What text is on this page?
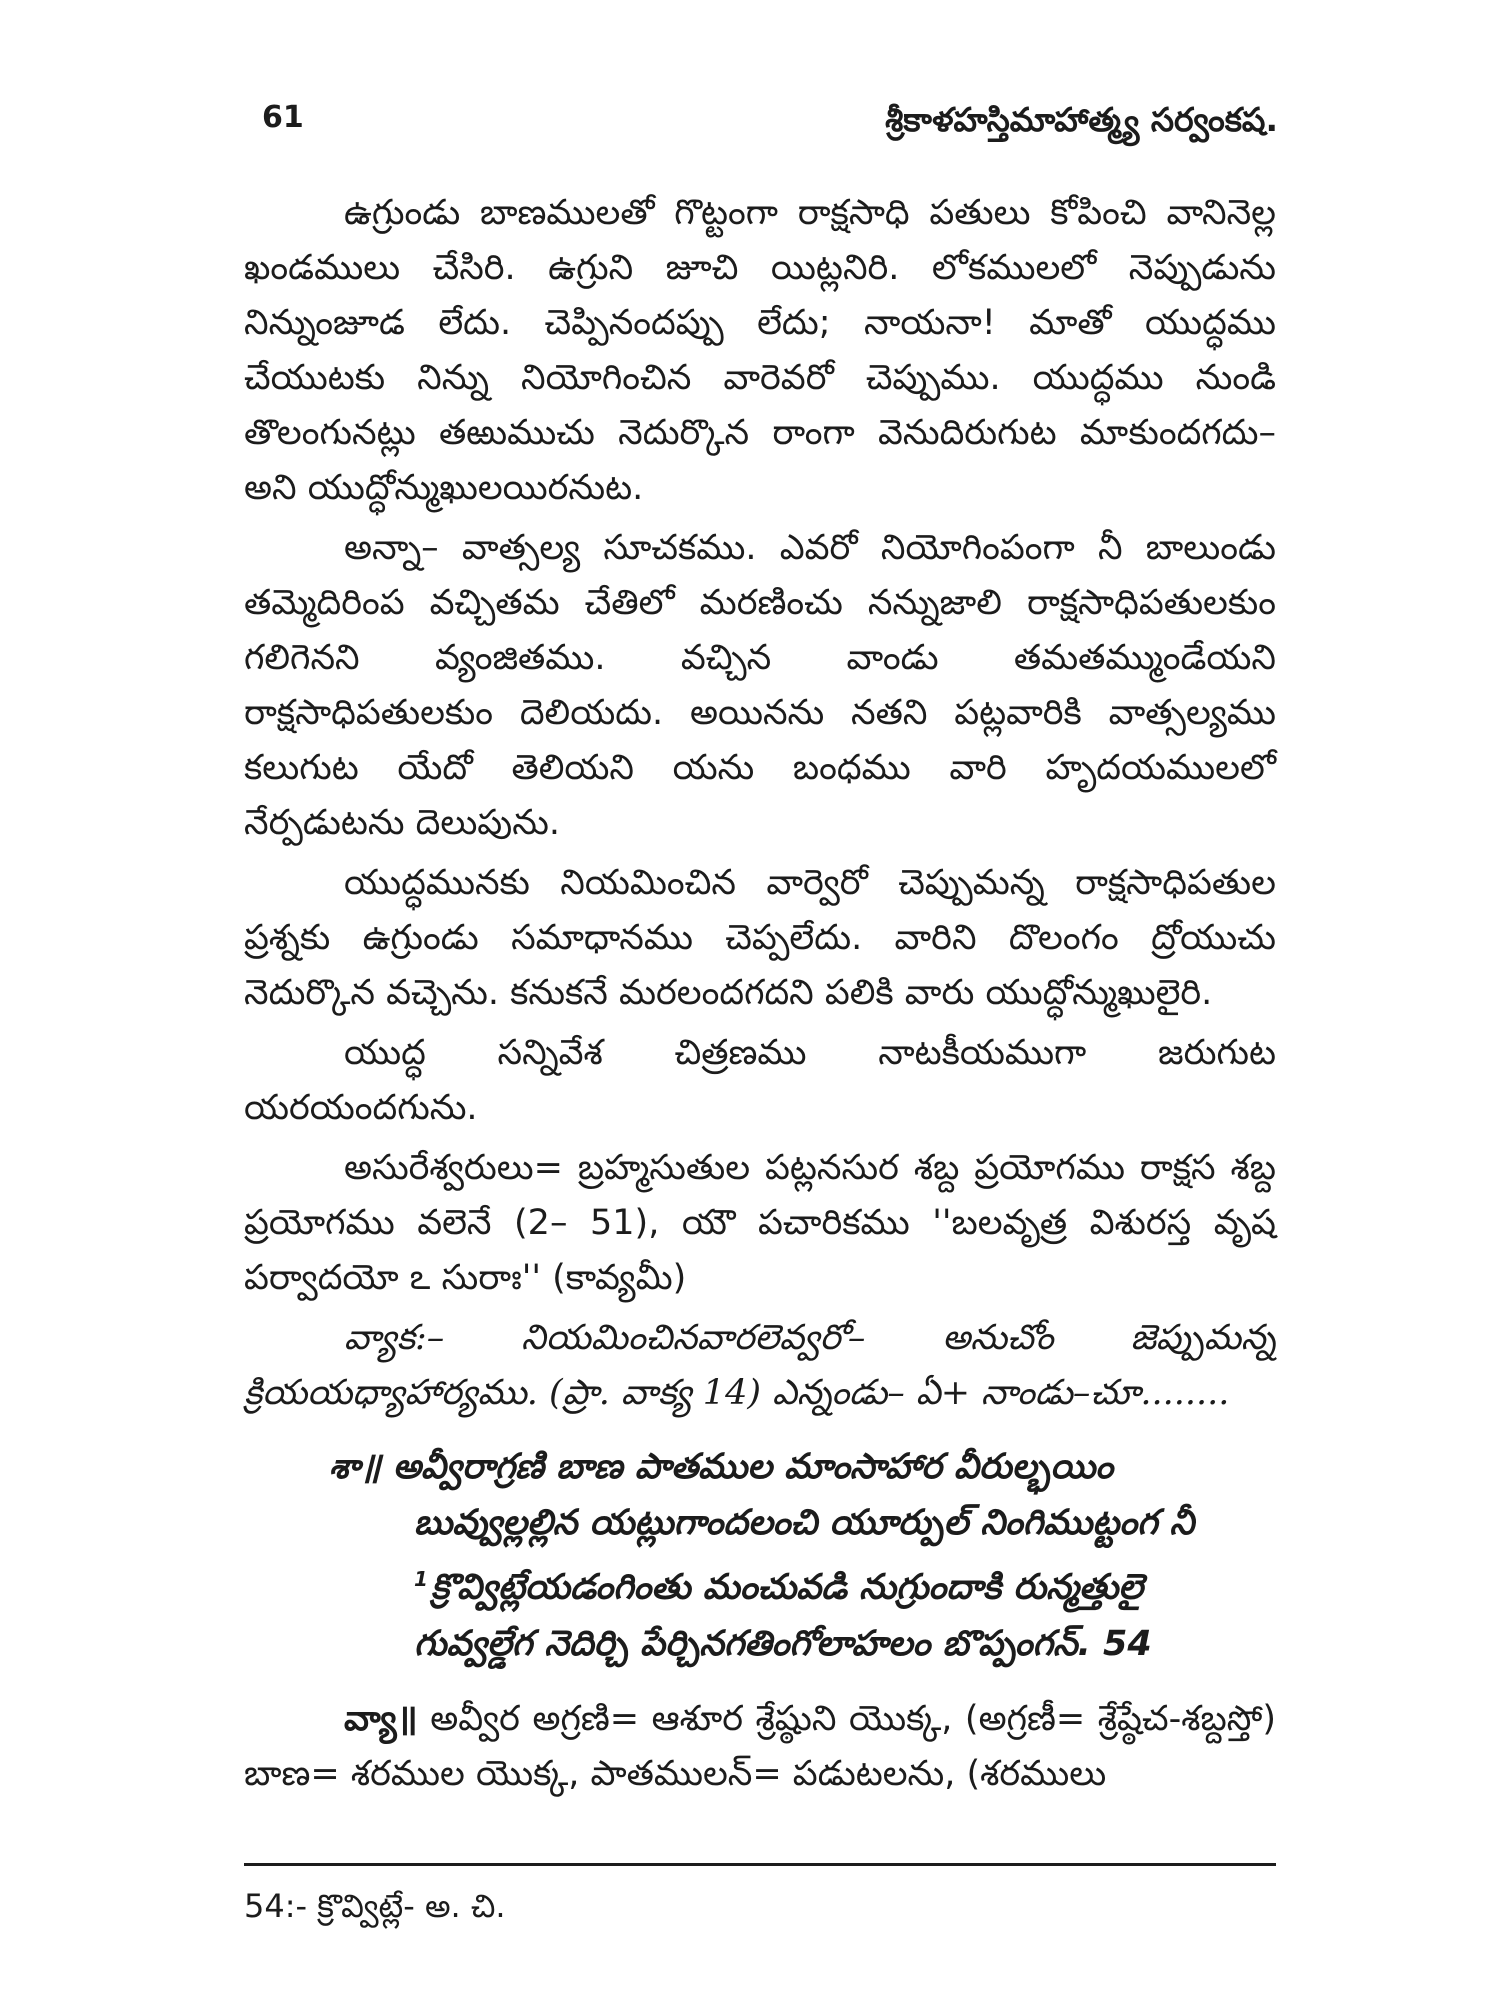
61	శ్రీకాళహస్తిమాహాత్మ్య సర్వంకష.

ఉగ్రుండు బాణములతో గొట్టంగా రాక్షసాధి పతులు కోపించి వానినెల్ల ఖండములు చేసిరి. ఉగ్రుని జూచి యిట్లనిరి. లోకములలో నెప్పుడును నిన్నుంజూడ లేదు. చెప్పినందప్పు లేదు; నాయనా! మాతో యుద్ధము చేయుటకు నిన్ను నియోగించిన వారెవరో చెప్పుము. యుద్ధము నుండి తొలంగునట్లు తఱుముచు నెదుర్కొన రాంగా వెనుదిరుగుట మాకుందగదు– అని యుద్ధోన్ముఖులయిరనుట.

అన్నా– వాత్సల్య సూచకము. ఎవరో నియోగింపంగా నీ బాలుండు తమ్మెదిరింప వచ్చితమ చేతిలో మరణించు నన్నుజాలి రాక్షసాధిపతులకుం గలిగెనని వ్యంజితము. వచ్చిన వాండు తమతమ్ముండేయని రాక్షసాధిపతులకుం దెలియదు. అయినను నతని పట్లవారికి వాత్సల్యము కలుగుట యేదో తెలియని యను బంధము వారి హృదయములలో నేర్పడుటను దెలుపును.

యుద్ధమునకు నియమించిన వార్వెరో చెప్పుమన్న రాక్షసాధిపతుల ప్రశ్నకు ఉగ్రుండు సమాధానము చెప్పలేదు. వారిని దొలంగం ద్రోయుచు నెదుర్కొన వచ్చెను. కనుకనే మరలందగదని పలికి వారు యుద్ధోన్ముఖులైరి.

యుద్ధ సన్నివేశ చిత్రణము నాటకీయముగా జరుగుట యరయందగును.

అసురేశ్వరులు= బ్రహ్మసుతుల పట్లనసుర శబ్ద ప్రయోగము రాక్షస శబ్ద ప్రయోగము వలెనే (2– 51), యౌ పచారికము ''బలవృత్ర విశురస్త వృష పర్వాదయో ఽ సురాః'' (కావ్యమీ)

వ్యాక:– నియమించినవారలెవ్వరో– అనుచోం జెప్పుమన్న క్రియయధ్యాహార్యము. (ప్రా. వాక్య 14) ఎన్నండు– ఏ+ నాండు–చూ........

శా॥ అవ్వీరాగ్రణి బాణ పాతముల మాంసాహార వీరుల్భయిం
బువ్వుల్లల్లిన యట్లుగాందలంచి యూర్పుల్ నింగిముట్టంగ నీ
$^1$క్రొవ్విట్లేయడంగింతు మంచువడి నుగ్రుందాకి రున్మత్తులై
గువ్వల్డేగ నెదిర్చి పేర్చినగతింగోలాహలం బొప్పంగన్. 54

వ్యా॥ అవ్వీర అగ్రణి= ఆశూర శ్రేష్ఠుని యొక్క, (అగ్రణీ= శ్రేష్ఠేచ-శబ్దస్తో) బాణ= శరముల యొక్క, పాతములన్= పడుటలను, (శరములు

54:- క్రొవ్విట్లే- అ. చి.
